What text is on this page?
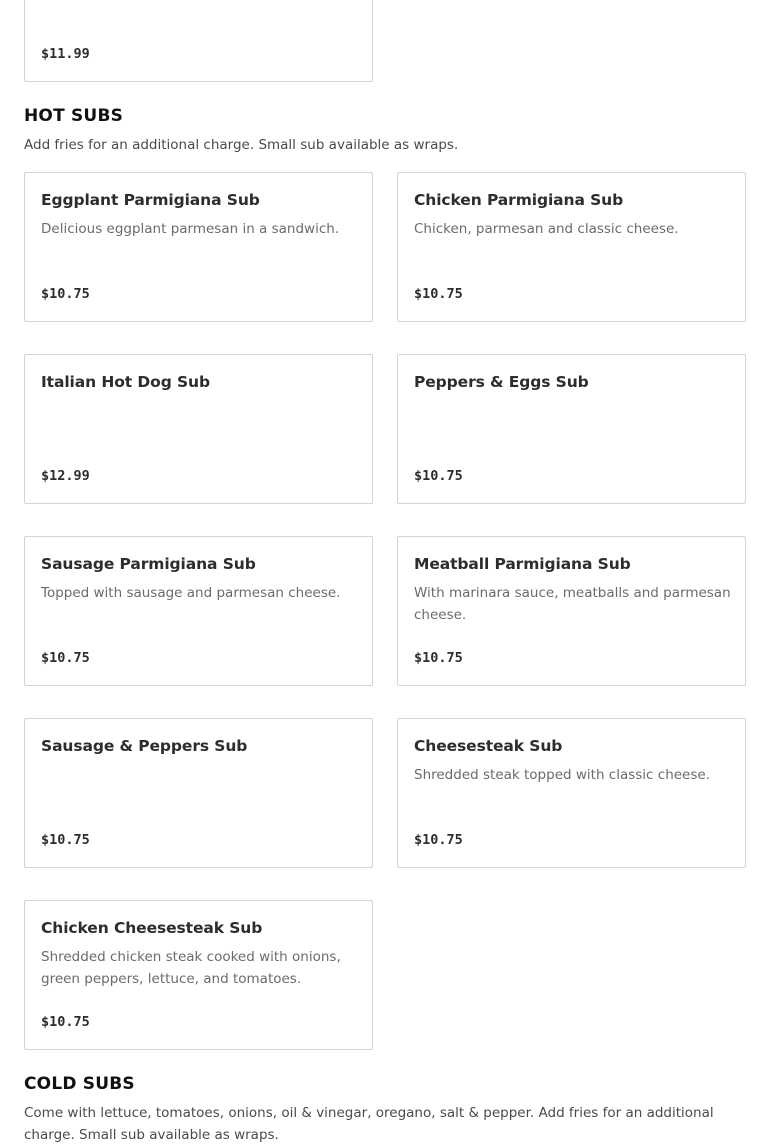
$11.99
HOT SUBS

Add fries for an additional charge. Small sub available as wraps.

Eggplant Parmigiana Sub
Delicious eggplant parmesan in a sandwich.
$10.75
Chicken Parmigiana Sub
Chicken, parmesan and classic cheese.
$10.75
Italian Hot Dog Sub
$12.99
Peppers & Eggs Sub
$10.75
Sausage Parmigiana Sub
Topped with sausage and parmesan cheese.
$10.75
Meatball Parmigiana Sub
With marinara sauce, meatballs and parmesan cheese.
$10.75
Sausage & Peppers Sub
$10.75
Cheesesteak Sub
Shredded steak topped with classic cheese.
$10.75
Chicken Cheesesteak Sub
Shredded chicken steak cooked with onions, green peppers, lettuce, and tomatoes.
$10.75
COLD SUBS

Come with lettuce, tomatoes, onions, oil & vinegar, oregano, salt & pepper. Add fries for an additional charge. Small sub available as wraps.
